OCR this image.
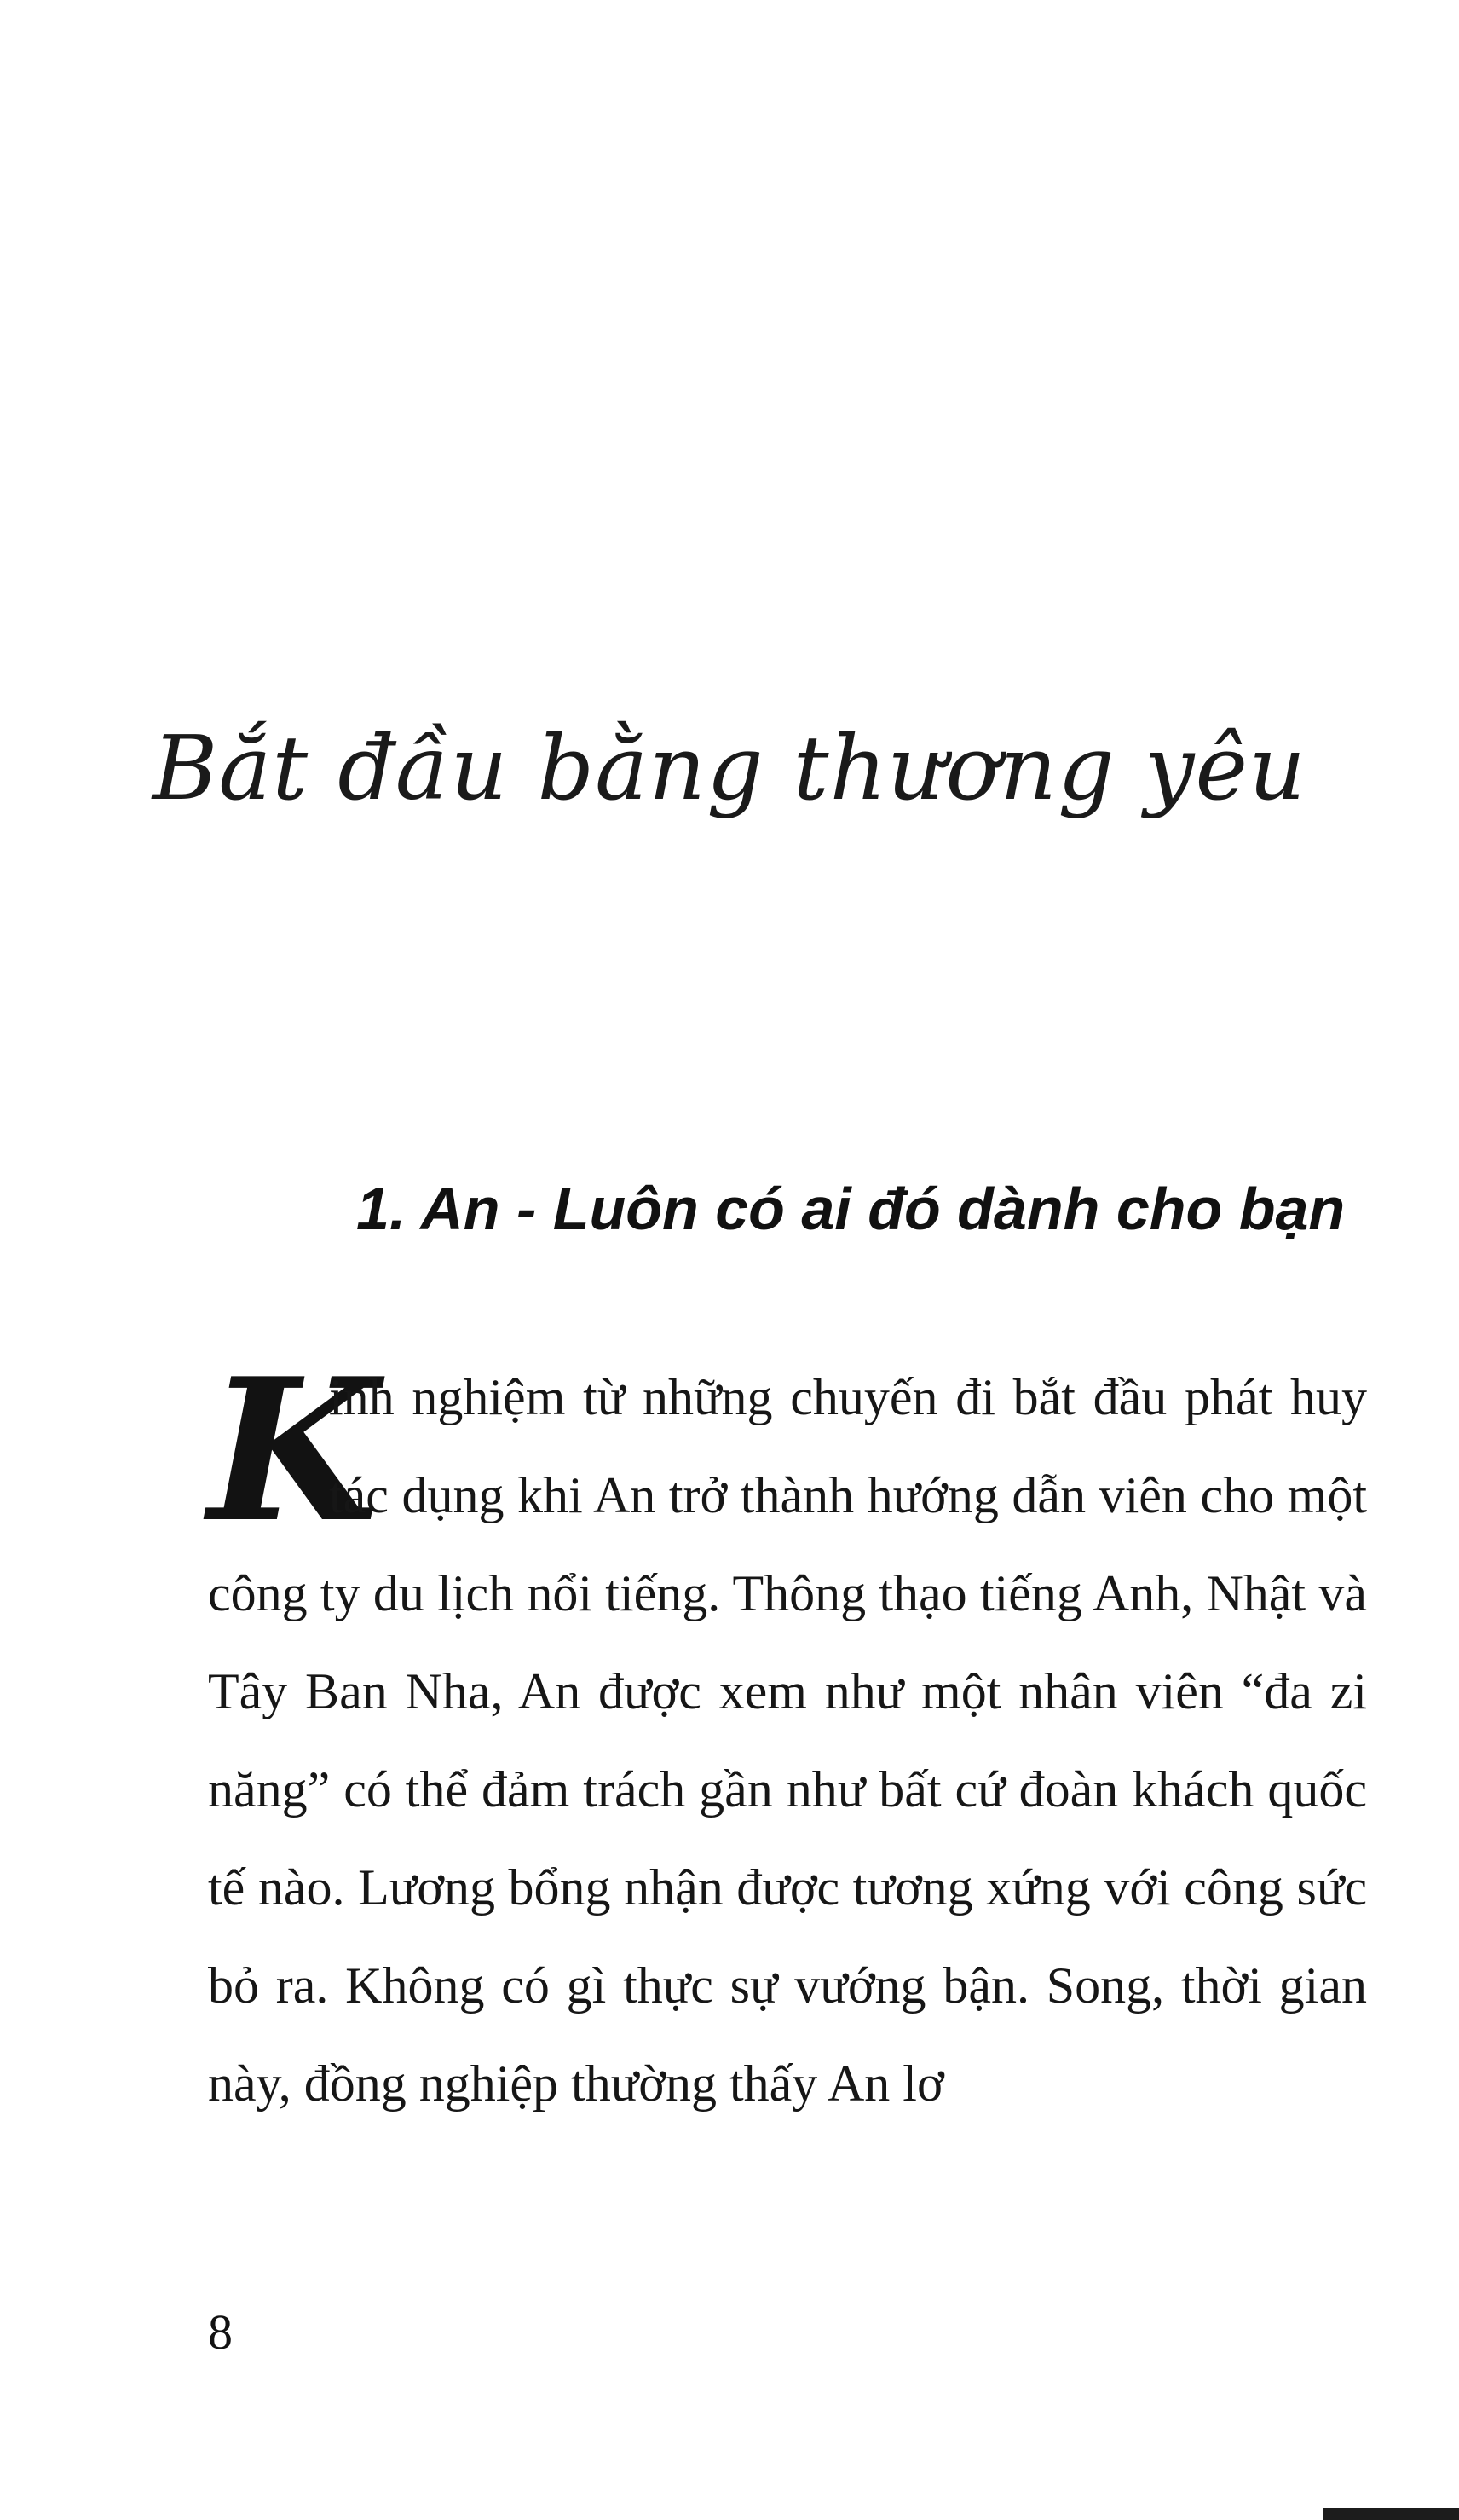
Bắt đầu bằng thương yêu
1. An - Luôn có ai đó dành cho bạn

K
inh nghiệm từ những chuyến đi bắt đầu phát huy tác dụng khi An trở thành hướng dẫn viên cho một công ty du lịch nổi tiếng. Thông thạo tiếng Anh, Nhật và Tây Ban Nha, An được xem như một nhân viên “đa zi năng” có thể đảm trách gần như bất cứ đoàn khách quốc tế nào. Lương bổng nhận được tương xứng với công sức bỏ ra. Không có gì thực sự vướng bận. Song, thời gian này, đồng nghiệp thường thấy An lơ

8
